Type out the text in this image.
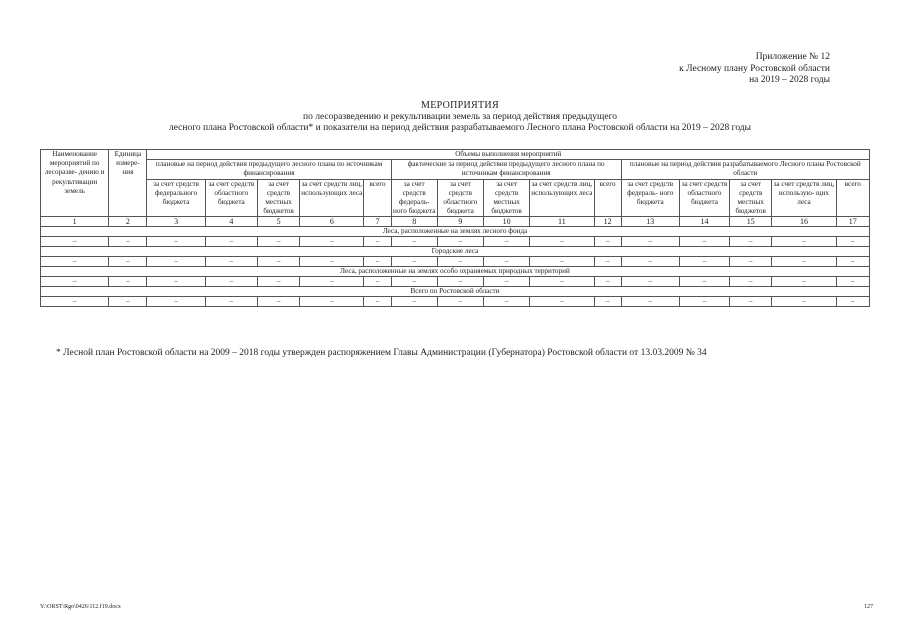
Приложение № 12
к Лесному плану Ростовской области
на 2019 – 2028 годы
МЕРОПРИЯТИЯ
по лесоразведению и рекультивации земель за период действия предыдущего
лесного плана Ростовской области* и показатели на период действия разрабатываемого Лесного плана Ростовской области на 2019 – 2028 годы
Наименование мероприятий по лесоразве- дению и рекультивации земель	Единица измере- ния	Объемы выполнения мероприятий														
		плановые на период действия предыдущего лесного плана по источникам финансирования					фактические за период действия предыдущего лесного плана по источникам финансирования					плановые на период действия разрабатываемого Лесного плана Ростовской области				
		за счет средств федерального бюджета	за счет средств областного бюджета	за счет средств местных бюджетов	за счет средств лиц, использующих леса	всего	за счет средств федераль- ного бюджета	за счет средств областного бюджета	за счет средств местных бюджетов	за счет средств лиц, использующих леса	всего	за счет средств федераль- ного бюджета	за счет средств областного бюджета	за счет средств местных бюджетов	за счет средств лиц, использую- щих леса	всего
1	2	3	4	5	6	7	8	9	10	11	12	13	14	15	16	17
Леса, расположенные на землях лесного фонда																
–	–	–	–	–	–	–	–	–	–	–	–	–	–	–	–	–
Городские леса																
–	–	–	–	–	–	–	–	–	–	–	–	–	–	–	–	–
Леса, расположенные на землях особо охраняемых природных территорий																
–	–	–	–	–	–	–	–	–	–	–	–	–	–	–	–	–
Всего по Ростовской области																
–	–	–	–	–	–	–	–	–	–	–	–	–	–	–	–	–
* Лесной план Ростовской области на 2009 – 2018 годы утвержден распоряжением Главы Администрации (Губернатора) Ростовской области от 13.03.2009 № 34
Y:\ORST\Rgo\0426\112.f19.docx	127
